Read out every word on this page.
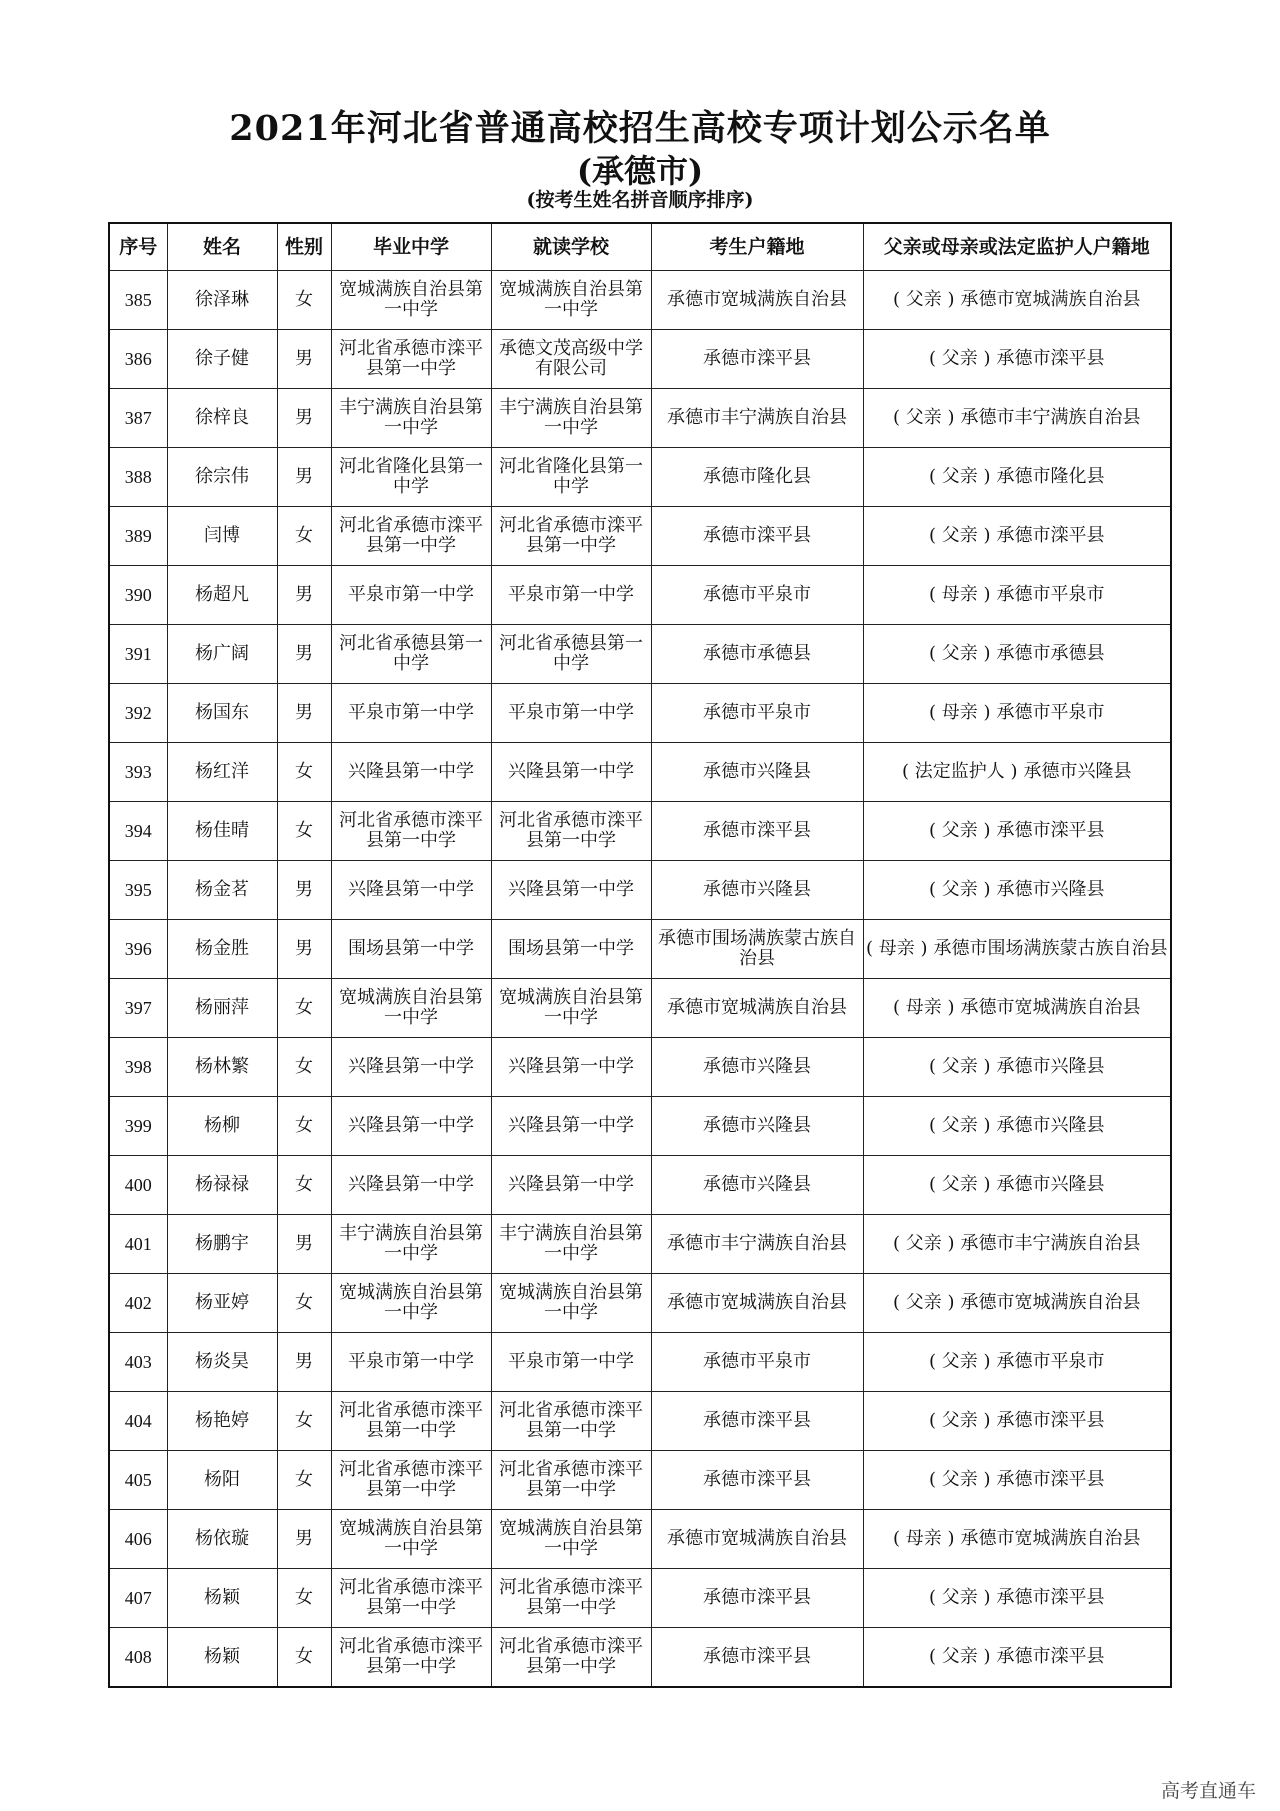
2021年河北省普通高校招生高校专项计划公示名单
(承德市)
(按考生姓名拼音顺序排序)
序号	姓名	性别	毕业中学	就读学校	考生户籍地	父亲或母亲或法定监护人户籍地
385	徐泽琳	女	宽城满族自治县第一中学	宽城满族自治县第一中学	承德市宽城满族自治县	( 父亲 ) 承德市宽城满族自治县
386	徐子健	男	河北省承德市滦平县第一中学	承德文茂高级中学有限公司	承德市滦平县	( 父亲 ) 承德市滦平县
387	徐梓良	男	丰宁满族自治县第一中学	丰宁满族自治县第一中学	承德市丰宁满族自治县	( 父亲 ) 承德市丰宁满族自治县
388	徐宗伟	男	河北省隆化县第一中学	河北省隆化县第一中学	承德市隆化县	( 父亲 ) 承德市隆化县
389	闫博	女	河北省承德市滦平县第一中学	河北省承德市滦平县第一中学	承德市滦平县	( 父亲 ) 承德市滦平县
390	杨超凡	男	平泉市第一中学	平泉市第一中学	承德市平泉市	( 母亲 ) 承德市平泉市
391	杨广阔	男	河北省承德县第一中学	河北省承德县第一中学	承德市承德县	( 父亲 ) 承德市承德县
392	杨国东	男	平泉市第一中学	平泉市第一中学	承德市平泉市	( 母亲 ) 承德市平泉市
393	杨红洋	女	兴隆县第一中学	兴隆县第一中学	承德市兴隆县	( 法定监护人 ) 承德市兴隆县
394	杨佳晴	女	河北省承德市滦平县第一中学	河北省承德市滦平县第一中学	承德市滦平县	( 父亲 ) 承德市滦平县
395	杨金茗	男	兴隆县第一中学	兴隆县第一中学	承德市兴隆县	( 父亲 ) 承德市兴隆县
396	杨金胜	男	围场县第一中学	围场县第一中学	承德市围场满族蒙古族自治县	( 母亲 ) 承德市围场满族蒙古族自治县
397	杨丽萍	女	宽城满族自治县第一中学	宽城满族自治县第一中学	承德市宽城满族自治县	( 母亲 ) 承德市宽城满族自治县
398	杨林繁	女	兴隆县第一中学	兴隆县第一中学	承德市兴隆县	( 父亲 ) 承德市兴隆县
399	杨柳	女	兴隆县第一中学	兴隆县第一中学	承德市兴隆县	( 父亲 ) 承德市兴隆县
400	杨禄禄	女	兴隆县第一中学	兴隆县第一中学	承德市兴隆县	( 父亲 ) 承德市兴隆县
401	杨鹏宇	男	丰宁满族自治县第一中学	丰宁满族自治县第一中学	承德市丰宁满族自治县	( 父亲 ) 承德市丰宁满族自治县
402	杨亚婷	女	宽城满族自治县第一中学	宽城满族自治县第一中学	承德市宽城满族自治县	( 父亲 ) 承德市宽城满族自治县
403	杨炎昊	男	平泉市第一中学	平泉市第一中学	承德市平泉市	( 父亲 ) 承德市平泉市
404	杨艳婷	女	河北省承德市滦平县第一中学	河北省承德市滦平县第一中学	承德市滦平县	( 父亲 ) 承德市滦平县
405	杨阳	女	河北省承德市滦平县第一中学	河北省承德市滦平县第一中学	承德市滦平县	( 父亲 ) 承德市滦平县
406	杨依璇	男	宽城满族自治县第一中学	宽城满族自治县第一中学	承德市宽城满族自治县	( 母亲 ) 承德市宽城满族自治县
407	杨颖	女	河北省承德市滦平县第一中学	河北省承德市滦平县第一中学	承德市滦平县	( 父亲 ) 承德市滦平县
408	杨颖	女	河北省承德市滦平县第一中学	河北省承德市滦平县第一中学	承德市滦平县	( 父亲 ) 承德市滦平县
高考直通车
